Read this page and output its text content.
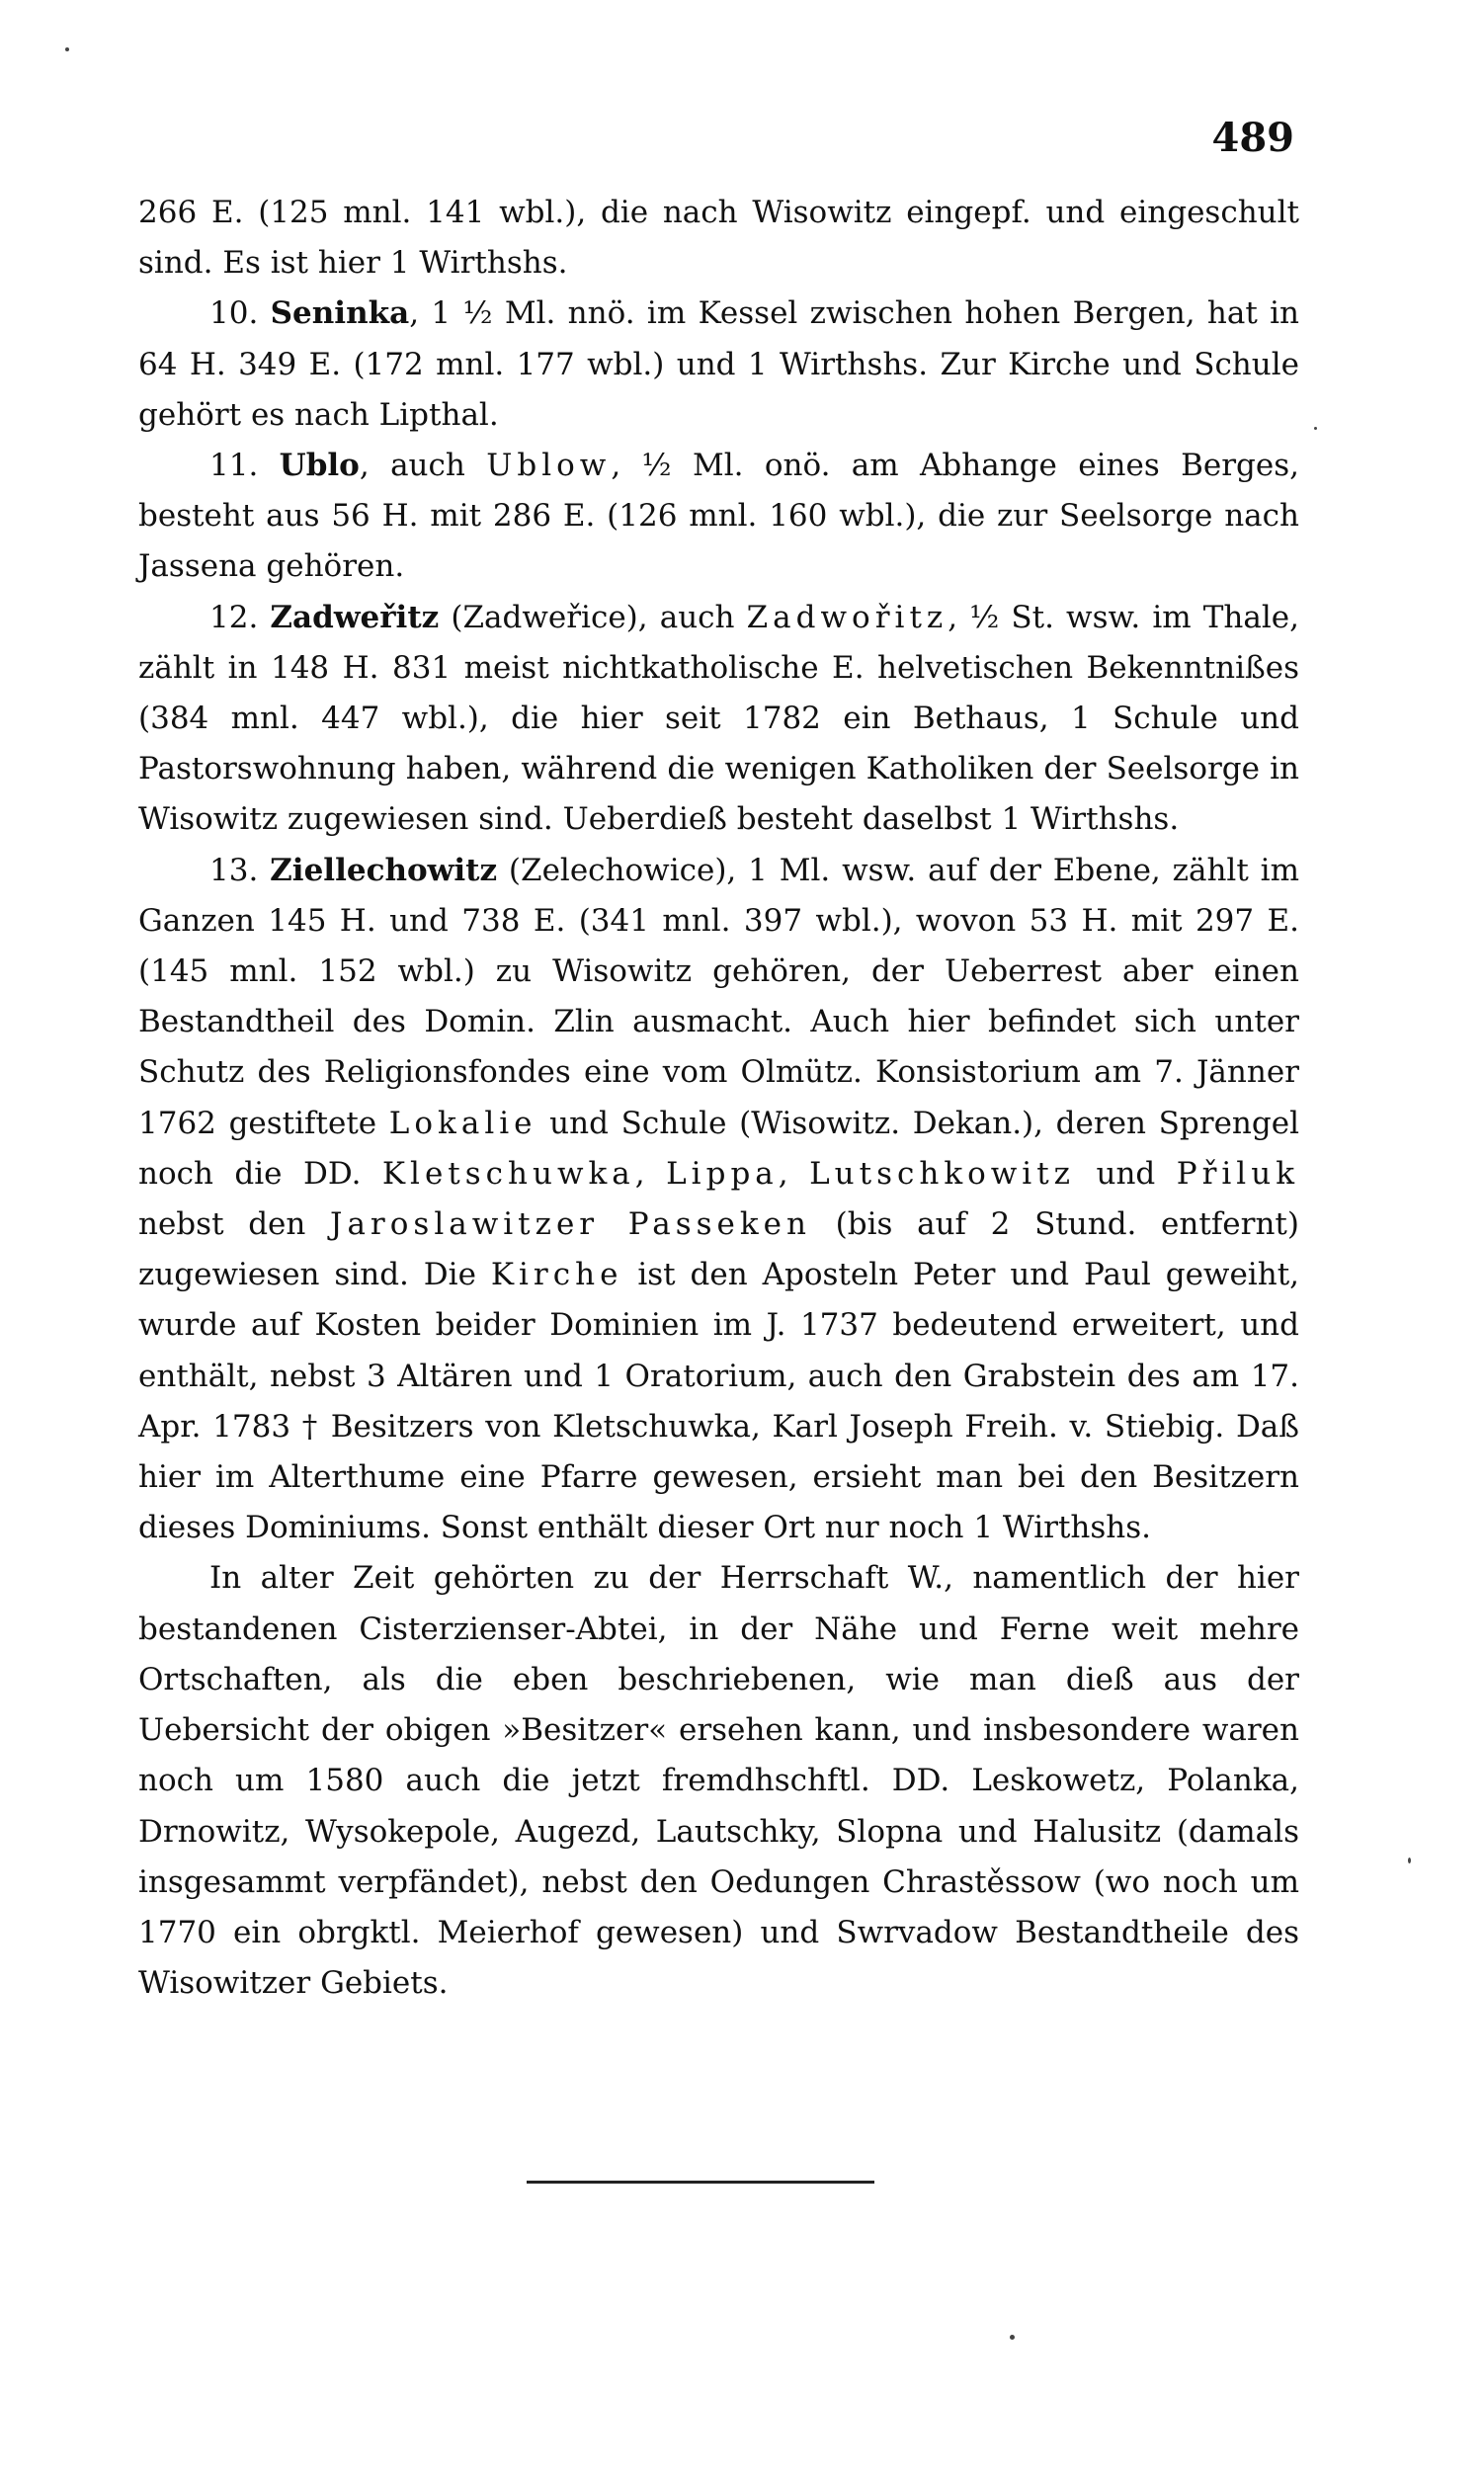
489

266 E. (125 mnl. 141 wbl.), die nach Wisowitz eingepf. und eingeschult sind. Es ist hier 1 Wirthshs.

10. Seninka, 1 ½ Ml. nnö. im Kessel zwischen hohen Bergen, hat in 64 H. 349 E. (172 mnl. 177 wbl.) und 1 Wirthshs. Zur Kirche und Schule gehört es nach Lipthal.

11. Ublo, auch Ublow, ½ Ml. onö. am Abhange eines Berges, besteht aus 56 H. mit 286 E. (126 mnl. 160 wbl.), die zur Seelsorge nach Jassena gehören.

12. Zadweřitz (Zadweřice), auch Zadwořitz, ½ St. wsw. im Thale, zählt in 148 H. 831 meist nichtkatholische E. helvetischen Bekenntnißes (384 mnl. 447 wbl.), die hier seit 1782 ein Bethaus, 1 Schule und Pastorswohnung haben, während die wenigen Katholiken der Seelsorge in Wisowitz zugewiesen sind. Ueberdieß besteht daselbst 1 Wirthshs.

13. Ziellechowitz (Zelechowice), 1 Ml. wsw. auf der Ebene, zählt im Ganzen 145 H. und 738 E. (341 mnl. 397 wbl.), wovon 53 H. mit 297 E. (145 mnl. 152 wbl.) zu Wisowitz gehören, der Ueberrest aber einen Bestandtheil des Domin. Zlin ausmacht. Auch hier befindet sich unter Schutz des Religionsfondes eine vom Olmütz. Konsistorium am 7. Jänner 1762 gestiftete Lokalie und Schule (Wisowitz. Dekan.), deren Sprengel noch die DD. Kletschuwka, Lippa, Lutschkowitz und Přiluk nebst den Jaroslawitzer Passeken (bis auf 2 Stund. entfernt) zugewiesen sind. Die Kirche ist den Aposteln Peter und Paul geweiht, wurde auf Kosten beider Dominien im J. 1737 bedeutend erweitert, und enthält, nebst 3 Altären und 1 Oratorium, auch den Grabstein des am 17. Apr. 1783 † Besitzers von Kletschuwka, Karl Joseph Freih. v. Stiebig. Daß hier im Alterthume eine Pfarre gewesen, ersieht man bei den Besitzern dieses Dominiums. Sonst enthält dieser Ort nur noch 1 Wirthshs.

In alter Zeit gehörten zu der Herrschaft W., namentlich der hier bestandenen Cisterzienser-Abtei, in der Nähe und Ferne weit mehre Ortschaften, als die eben beschriebenen, wie man dieß aus der Uebersicht der obigen »Besitzer« ersehen kann, und insbesondere waren noch um 1580 auch die jetzt fremdhschftl. DD. Leskowetz, Polanka, Drnowitz, Wysokepole, Augezd, Lautschky, Slopna und Halusitz (damals insgesammt verpfändet), nebst den Oedungen Chrastěssow (wo noch um 1770 ein obrgktl. Meierhof gewesen) und Swrvadow Bestandtheile des Wisowitzer Gebiets.
